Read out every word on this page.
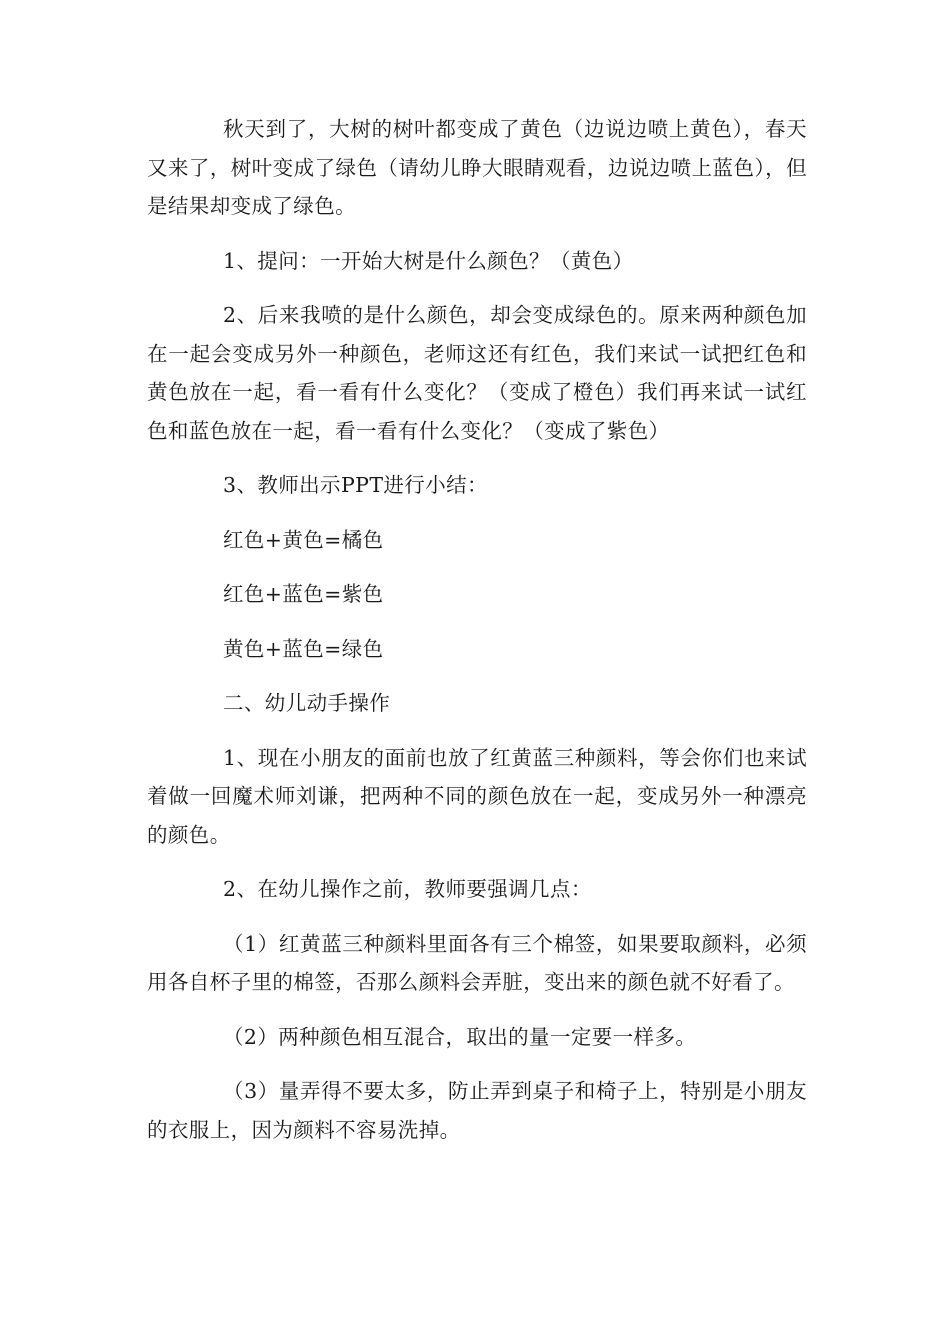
秋天到了，大树的树叶都变成了黄色（边说边喷上黄色），春天又来了，树叶变成了绿色（请幼儿睁大眼睛观看，边说边喷上蓝色），但是结果却变成了绿色。

1、提问：一开始大树是什么颜色？（黄色）

2、后来我喷的是什么颜色，却会变成绿色的。原来两种颜色加在一起会变成另外一种颜色，老师这还有红色，我们来试一试把红色和黄色放在一起，看一看有什么变化？（变成了橙色）我们再来试一试红色和蓝色放在一起，看一看有什么变化？（变成了紫色）

3、教师出示PPT进行小结：

红色+黄色=橘色

红色+蓝色=紫色

黄色+蓝色=绿色

二、幼儿动手操作

1、现在小朋友的面前也放了红黄蓝三种颜料，等会你们也来试着做一回魔术师刘谦，把两种不同的颜色放在一起，变成另外一种漂亮的颜色。

2、在幼儿操作之前，教师要强调几点：

（1）红黄蓝三种颜料里面各有三个棉签，如果要取颜料，必须用各自杯子里的棉签，否那么颜料会弄脏，变出来的颜色就不好看了。

（2）两种颜色相互混合，取出的量一定要一样多。

（3）量弄得不要太多，防止弄到桌子和椅子上，特别是小朋友的衣服上，因为颜料不容易洗掉。
